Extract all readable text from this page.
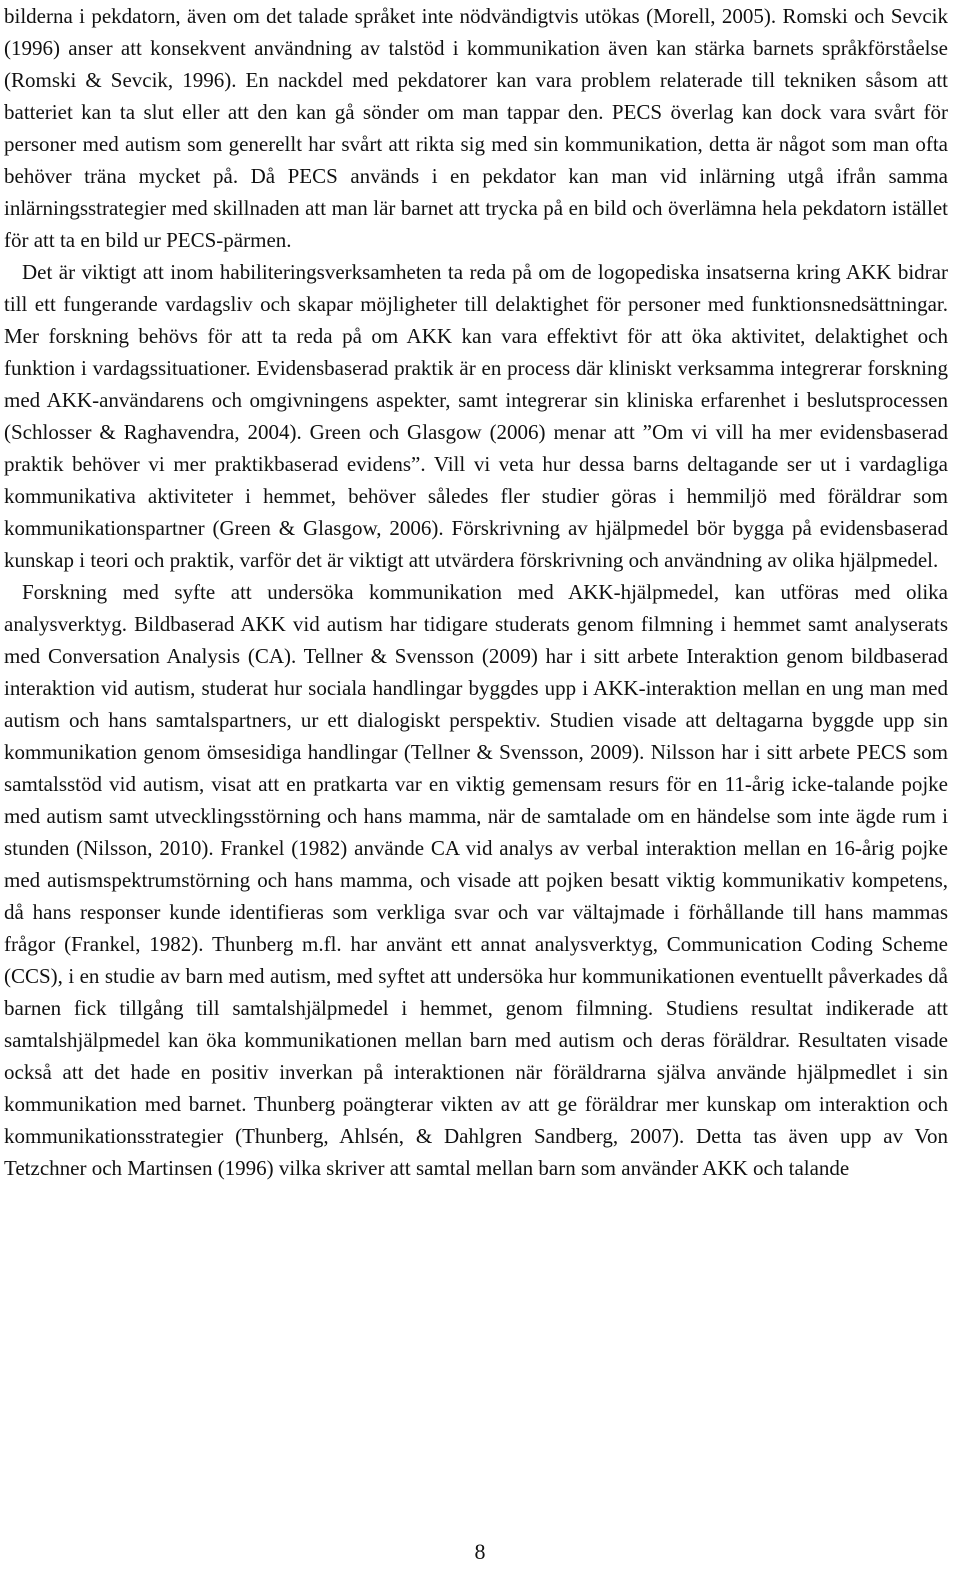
bilderna i pekdatorn, även om det talade språket inte nödvändigtvis utökas (Morell, 2005). Romski och Sevcik (1996) anser att konsekvent användning av talstöd i kommunikation även kan stärka barnets språkförståelse (Romski & Sevcik, 1996). En nackdel med pekdatorer kan vara problem relaterade till tekniken såsom att batteriet kan ta slut eller att den kan gå sönder om man tappar den. PECS överlag kan dock vara svårt för personer med autism som generellt har svårt att rikta sig med sin kommunikation, detta är något som man ofta behöver träna mycket på. Då PECS används i en pekdator kan man vid inlärning utgå ifrån samma inlärningsstrategier med skillnaden att man lär barnet att trycka på en bild och överlämna hela pekdatorn istället för att ta en bild ur PECS-pärmen.

Det är viktigt att inom habiliteringsverksamheten ta reda på om de logopediska insatserna kring AKK bidrar till ett fungerande vardagsliv och skapar möjligheter till delaktighet för personer med funktionsnedsättningar. Mer forskning behövs för att ta reda på om AKK kan vara effektivt för att öka aktivitet, delaktighet och funktion i vardagssituationer. Evidensbaserad praktik är en process där kliniskt verksamma integrerar forskning med AKK-användarens och omgivningens aspekter, samt integrerar sin kliniska erfarenhet i beslutsprocessen (Schlosser & Raghavendra, 2004). Green och Glasgow (2006) menar att ”Om vi vill ha mer evidensbaserad praktik behöver vi mer praktikbaserad evidens”. Vill vi veta hur dessa barns deltagande ser ut i vardagliga kommunikativa aktiviteter i hemmet, behöver således fler studier göras i hemmiljö med föräldrar som kommunikationspartner (Green & Glasgow, 2006). Förskrivning av hjälpmedel bör bygga på evidensbaserad kunskap i teori och praktik, varför det är viktigt att utvärdera förskrivning och användning av olika hjälpmedel.

Forskning med syfte att undersöka kommunikation med AKK-hjälpmedel, kan utföras med olika analysverktyg. Bildbaserad AKK vid autism har tidigare studerats genom filmning i hemmet samt analyserats med Conversation Analysis (CA). Tellner & Svensson (2009) har i sitt arbete Interaktion genom bildbaserad interaktion vid autism, studerat hur sociala handlingar byggdes upp i AKK-interaktion mellan en ung man med autism och hans samtalspartners, ur ett dialogiskt perspektiv. Studien visade att deltagarna byggde upp sin kommunikation genom ömsesidiga handlingar (Tellner & Svensson, 2009). Nilsson har i sitt arbete PECS som samtalsstöd vid autism, visat att en pratkarta var en viktig gemensam resurs för en 11-årig icke-talande pojke med autism samt utvecklingsstörning och hans mamma, när de samtalade om en händelse som inte ägde rum i stunden (Nilsson, 2010). Frankel (1982) använde CA vid analys av verbal interaktion mellan en 16-årig pojke med autismspektrumstörning och hans mamma, och visade att pojken besatt viktig kommunikativ kompetens, då hans responser kunde identifieras som verkliga svar och var vältajmade i förhållande till hans mammas frågor (Frankel, 1982). Thunberg m.fl. har använt ett annat analysverktyg, Communication Coding Scheme (CCS), i en studie av barn med autism, med syftet att undersöka hur kommunikationen eventuellt påverkades då barnen fick tillgång till samtalshjälpmedel i hemmet, genom filmning. Studiens resultat indikerade att samtalshjälpmedel kan öka kommunikationen mellan barn med autism och deras föräldrar. Resultaten visade också att det hade en positiv inverkan på interaktionen när föräldrarna själva använde hjälpmedlet i sin kommunikation med barnet. Thunberg poängterar vikten av att ge föräldrar mer kunskap om interaktion och kommunikationsstrategier (Thunberg, Ahlsén, & Dahlgren Sandberg, 2007). Detta tas även upp av Von Tetzchner och Martinsen (1996) vilka skriver att samtal mellan barn som använder AKK och talande

8
